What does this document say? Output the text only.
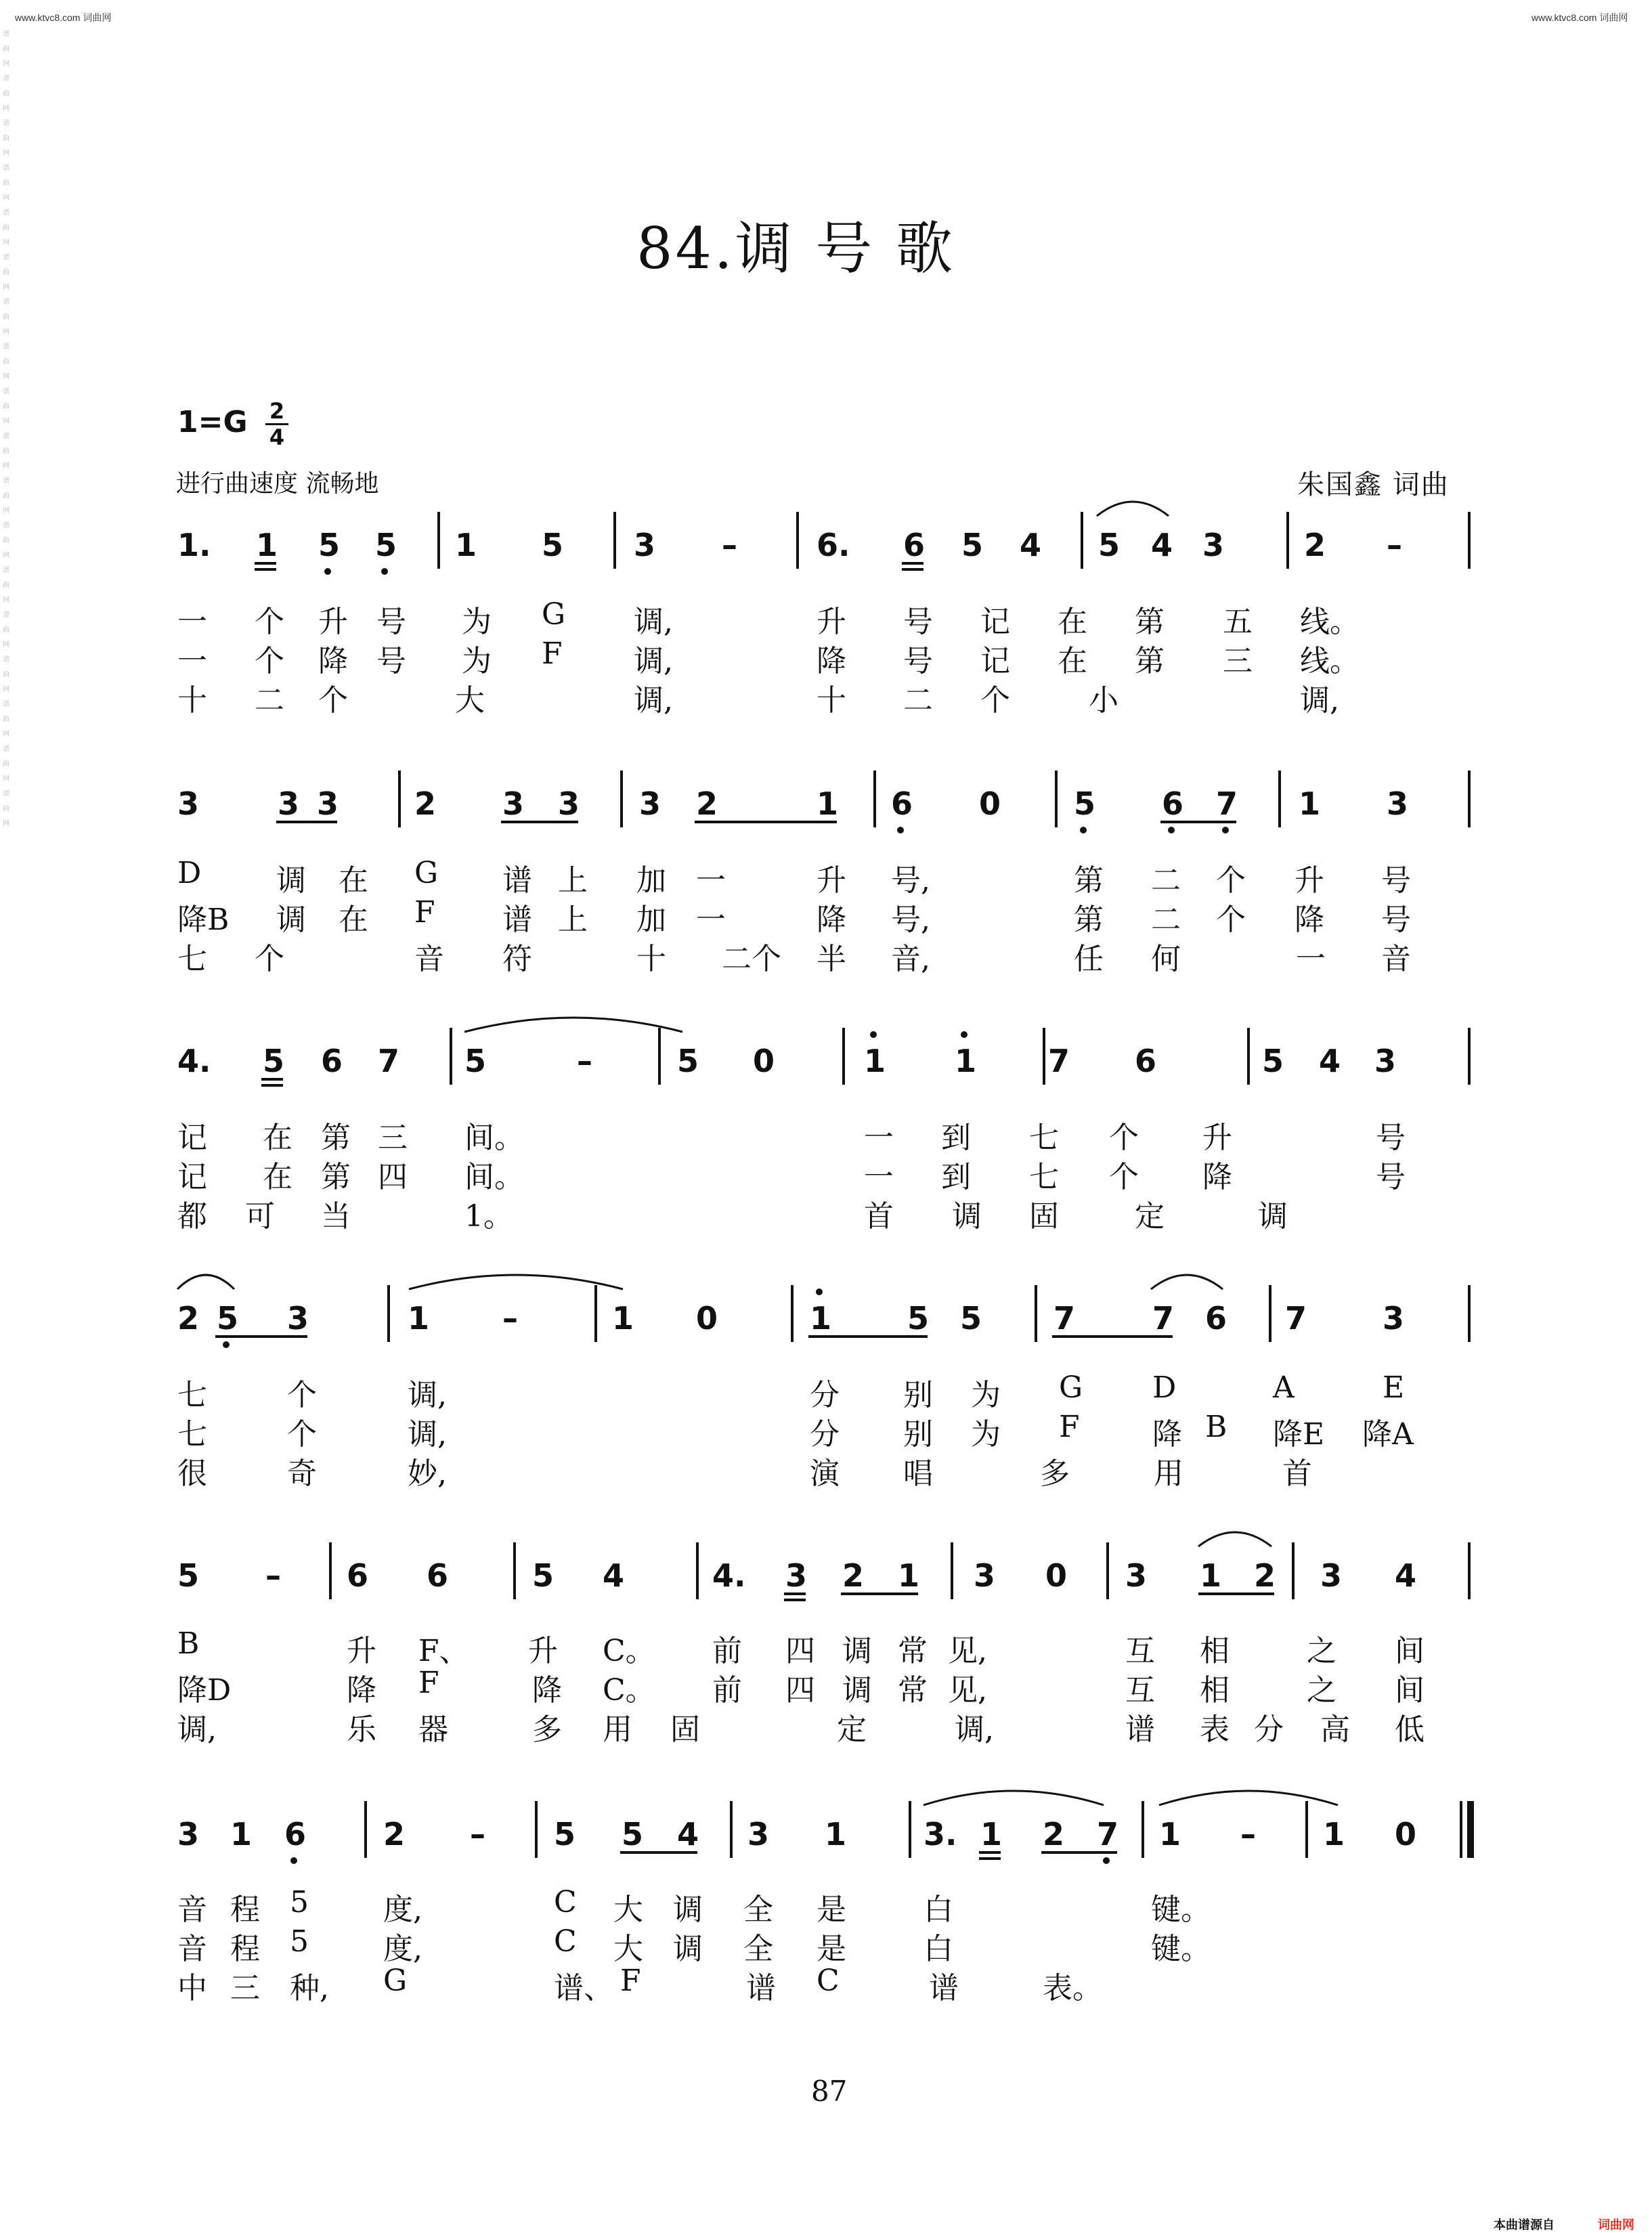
www.ktvc8.com 词曲网	www.ktvc8.com 词曲网
谱
曲
网
谱
曲
网
谱
曲
网
谱
曲
网
谱
曲
网
谱
曲
网
谱
曲
网
谱
曲
网
谱
曲
网
谱
曲
网
谱
曲
网
谱
曲
网
谱
曲
网
谱
曲
网
谱
曲
网
谱
曲
网
谱
曲
网
谱
曲
网
84.调 号 歌
1=G 2
4
进行曲速度 流畅地	朱国鑫 词曲
1. 1 5 5 1 5 3 –	6. 6 5 4 5 4 3	2 –
一 个 升 号 为 G 调,	升 号 记 在 第 五 线。
一 个 降 号 为 F 调,	降 号 记 在 第 三 线。
十 二 个	大	调,	十 二 个	小	调,
3	3 3 2 3 3 3 2	1 6 0 5 6 7 1 3
D	调 在 G 谱 上 加 一	升 号,	第 二 个 升 号
降B 调 在 F 谱 上 加 一	降 号,	第 二 个 降 号
七 个	音 符	十 二个 半 音,	任 何	一 音
4. 5 6 7 5	–	5 0	1 1 7 6	5 4 3
记 在 第 三 间。	一 到 七 个 升	号
记 在 第 四 间。	一 到 七 个 降	号
都 可 当	1。	首 调 固	定	调
2 5 3	1 –	1 0	1 5 5 7 7 6 7 3
七	个	调,	分 别 为 G D	A	E
七	个	调,	分 别 为 F 降 B 降E 降A
很	奇	妙,	演 唱	多	用	首
5 – 6 6	5 4	4. 3 2 1 3 0 3 1 2 3 4
B	升 F、 升 C。 前 四 调 常 见,	互 相	之 间
降D	降 F	降 C。 前 四 调 常 见,	互 相	之 间
调,	乐 器	多 用 固	定	调,	谱 表 分 高 低
3 1 6 2 – 5 5 4 3 1 3. 1 2 7 1 – 1 0
音 程 5	度,	C 大 调 全 是	白	键。
音 程 5	度,	C 大 调 全 是	白	键。
中 三 种, G	谱、 F	谱 C	谱	表。
87
本曲谱源自	词曲网
